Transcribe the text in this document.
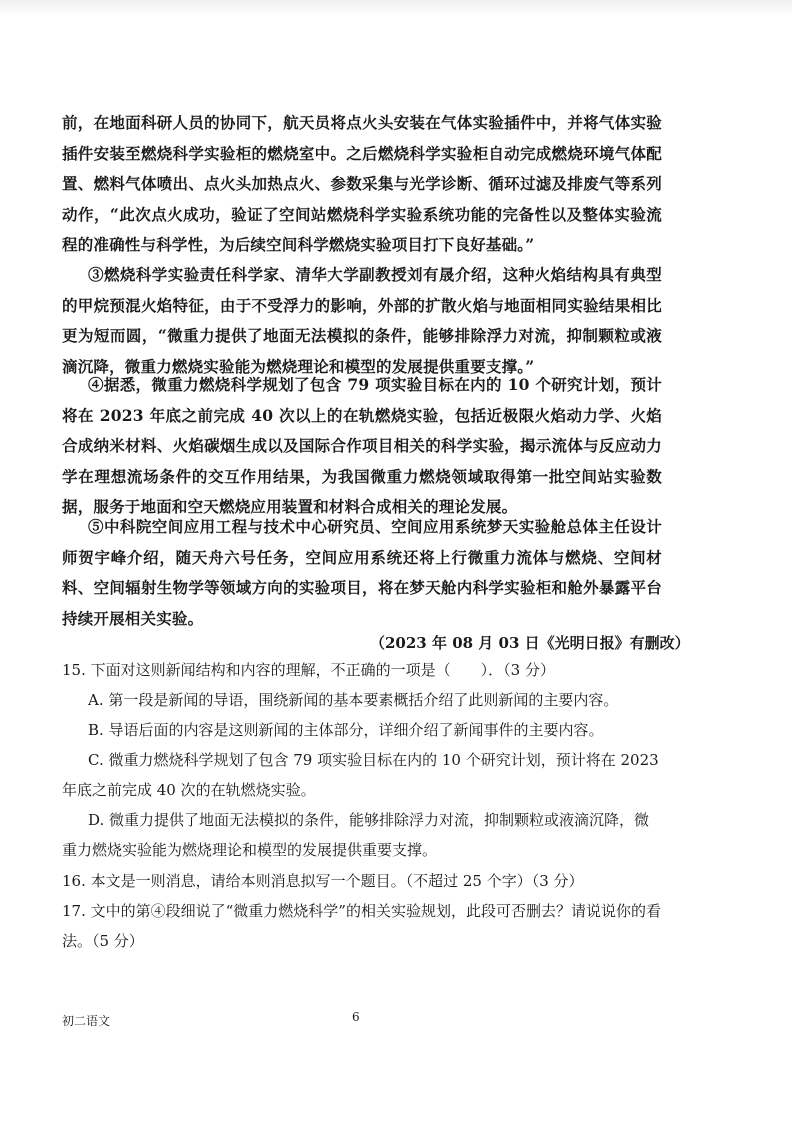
前，在地面科研人员的协同下，航天员将点火头安装在气体实验插件中，并将气体实验插件安装至燃烧科学实验柜的燃烧室中。之后燃烧科学实验柜自动完成燃烧环境气体配置、燃料气体喷出、点火头加热点火、参数采集与光学诊断、循环过滤及排废气等系列动作，“此次点火成功，验证了空间站燃烧科学实验系统功能的完备性以及整体实验流程的准确性与科学性，为后续空间科学燃烧实验项目打下良好基础。”

③燃烧科学实验责任科学家、清华大学副教授刘有晟介绍，这种火焰结构具有典型的甲烷预混火焰特征，由于不受浮力的影响，外部的扩散火焰与地面相同实验结果相比更为短而圆，“微重力提供了地面无法模拟的条件，能够排除浮力对流，抑制颗粒或液滴沉降，微重力燃烧实验能为燃烧理论和模型的发展提供重要支撑。”

④据悉，微重力燃烧科学规划了包含 79 项实验目标在内的 10 个研究计划，预计将在 2023 年底之前完成 40 次以上的在轨燃烧实验，包括近极限火焰动力学、火焰合成纳米材料、火焰碳烟生成以及国际合作项目相关的科学实验，揭示流体与反应动力学在理想流场条件的交互作用结果，为我国微重力燃烧领域取得第一批空间站实验数据，服务于地面和空天燃烧应用装置和材料合成相关的理论发展。

⑤中科院空间应用工程与技术中心研究员、空间应用系统梦天实验舱总体主任设计师贺宇峰介绍，随天舟六号任务，空间应用系统还将上行微重力流体与燃烧、空间材料、空间辐射生物学等领域方向的实验项目，将在梦天舱内科学实验柜和舱外暴露平台持续开展相关实验。

（2023 年 08 月 03 日《光明日报》有删改）

15. 下面对这则新闻结构和内容的理解，不正确的一项是（　　）．（3 分）

A. 第一段是新闻的导语，围绕新闻的基本要素概括介绍了此则新闻的主要内容。

B. 导语后面的内容是这则新闻的主体部分，详细介绍了新闻事件的主要内容。

C. 微重力燃烧科学规划了包含 79 项实验目标在内的 10 个研究计划，预计将在 2023 年底之前完成 40 次的在轨燃烧实验。

D. 微重力提供了地面无法模拟的条件，能够排除浮力对流，抑制颗粒或液滴沉降，微重力燃烧实验能为燃烧理论和模型的发展提供重要支撑。

16. 本文是一则消息，请给本则消息拟写一个题目。（不超过 25 个字）（3 分）

17. 文中的第④段细说了“微重力燃烧科学”的相关实验规划，此段可否删去？请说说你的看法。（5 分）

初二语文	6
